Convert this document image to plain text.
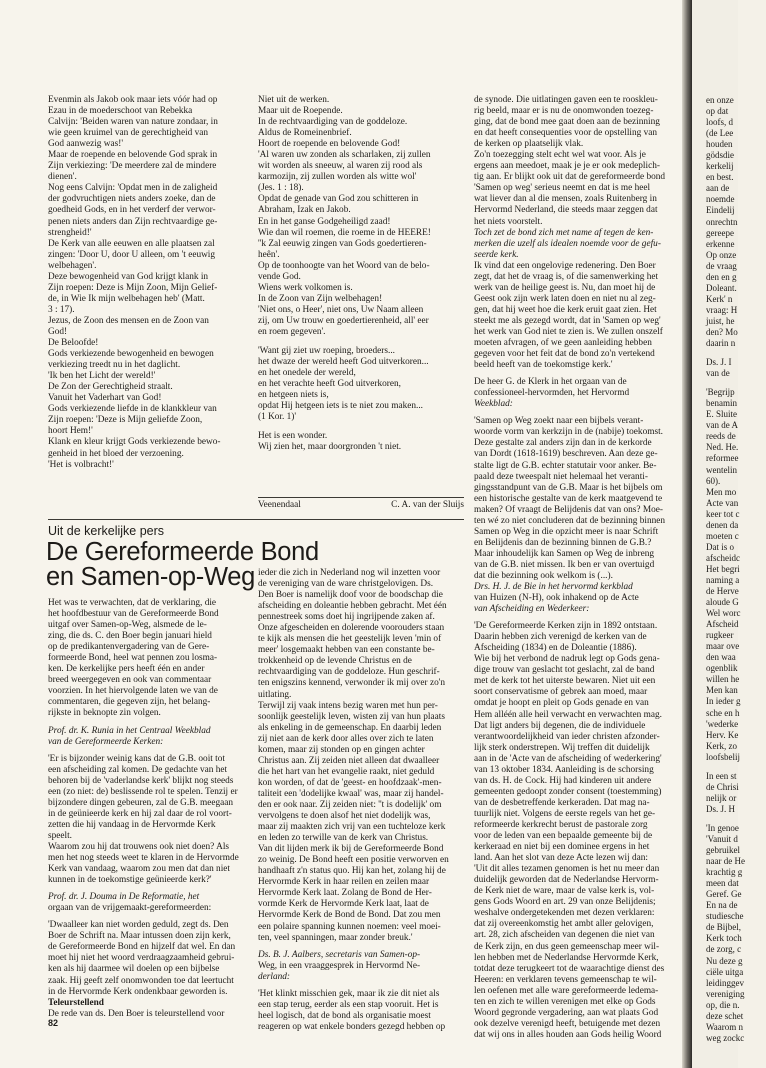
Evenmin als Jakob ook maar iets vóór had op
Ezau in de moederschoot van Rebekka
Calvijn: 'Beiden waren van nature zondaar, in
wie geen kruimel van de gerechtigheid van
God aanwezig was!'
Maar de roepende en belovende God sprak in
Zijn verkiezing: 'De meerdere zal de mindere
dienen'.
Nog eens Calvijn: 'Opdat men in de zaligheid
der godvruchtigen niets anders zoeke, dan de
goedheid Gods, en in het verderf der verwor-
penen niets anders dan Zijn rechtvaardige ge-
strengheid!'
De Kerk van alle eeuwen en alle plaatsen zal
zingen: 'Door U, door U alleen, om 't eeuwig
welbehagen'.
Deze bewogenheid van God krijgt klank in
Zijn roepen: Deze is Mijn Zoon, Mijn Gelief-
de, in Wie Ik mijn welbehagen heb' (Matt.
3 : 17).
Jezus, de Zoon des mensen en de Zoon van
God!
De Beloofde!
Gods verkiezende bewogenheid en bewogen
verkiezing treedt nu in het daglicht.
'Ik ben het Licht der wereld!'
De Zon der Gerechtigheid straalt.
Vanuit het Vaderhart van God!
Gods verkiezende liefde in de klankkleur van
Zijn roepen: 'Deze is Mijn geliefde Zoon,
hoort Hem!'
Klank en kleur krijgt Gods verkiezende bewo-
genheid in het bloed der verzoening.
'Het is volbracht!'
Niet uit de werken.
Maar uit de Roepende.
In de rechtvaardiging van de goddeloze.
Aldus de Romeinenbrief.
Hoort de roepende en belovende God!
'Al waren uw zonden als scharlaken, zij zullen
wit worden als sneeuw, al waren zij rood als
karmozijn, zij zullen worden als witte wol'
(Jes. 1 : 18).
Opdat de genade van God zou schitteren in
Abraham, Izak en Jakob.
En in het ganse Godgeheiligd zaad!
Wie dan wil roemen, die roeme in de HEERE!
''k Zal eeuwig zingen van Gods goedertieren-
heên'.
Op de toonhoogte van het Woord van de belo-
vende God.
Wiens werk volkomen is.
In de Zoon van Zijn welbehagen!
'Niet ons, o Heer', niet ons, Uw Naam alleen
zij, om Uw trouw en goedertierenheid, all' eer
en roem gegeven'.
'Want gij ziet uw roeping, broeders...
het dwaze der wereld heeft God uitverkoren...
en het onedele der wereld,
en het verachte heeft God uitverkoren,
en hetgeen niets is,
opdat Hij hetgeen iets is te niet zou maken...
(1 Kor. 1)'
Het is een wonder.
Wij zien het, maar doorgronden 't niet.
Veenendaal	C. A. van der Sluijs
de synode. Die uitlatingen gaven een te rooskleu-
rig beeld, maar er is nu de onomwonden toezeg-
ging, dat de bond mee gaat doen aan de bezinning
en dat heeft consequenties voor de opstelling van
de kerken op plaatselijk vlak.
Zo'n toezegging stelt echt wel wat voor. Als je
ergens aan meedoet, maak je je er ook medeplich-
tig aan. Er blijkt ook uit dat de gereformeerde bond
'Samen op weg' serieus neemt en dat is me heel
wat liever dan al die mensen, zoals Ruitenberg in
Hervormd Nederland, die steeds maar zeggen dat
het niets voorstelt.
Toch zet de bond zich met name af tegen de ken-
merken die uzelf als idealen noemde voor de gefu-
seerde kerk.
Ik vind dat een ongelovige redenering. Den Boer
zegt, dat het de vraag is, of die samenwerking het
werk van de heilige geest is. Nu, dan moet hij de
Geest ook zijn werk laten doen en niet nu al zeg-
gen, dat hij weet hoe die kerk eruit gaat zien. Het
steekt me als gezegd wordt, dat in 'Samen op weg'
het werk van God niet te zien is. We zullen onszelf
moeten afvragen, of we geen aanleiding hebben
gegeven voor het feit dat de bond zo'n vertekend
beeld heeft van de toekomstige kerk.'
De heer G. de Klerk in het orgaan van de
confessioneel-hervormden, het Hervormd
Weekblad:
'Samen op Weg zoekt naar een bijbels verant-
woorde vorm van kerkzijn in de (nabije) toekomst.
Deze gestalte zal anders zijn dan in de kerkorde
van Dordt (1618-1619) beschreven. Aan deze ge-
stalte ligt de G.B. echter statutair voor anker. Be-
paald deze tweespalt niet helemaal het veranti-
gingsstandpunt van de G.B. Maar is het bijbels om
een historische gestalte van de kerk maatgevend te
maken? Of vraagt de Belijdenis dat van ons? Moe-
ten wé zo niet concluderen dat de bezinning binnen
Samen op Weg in die opzicht meer is naar Schrift
en Belijdenis dan de bezinning binnen de G.B.?
Maar inhoudelijk kan Samen op Weg de inbreng
van de G.B. niet missen. Ik ben er van overtuigd
dat die bezinning ook welkom is (...).
Drs. H. J. de Bie in het hervormd kerkblad
van Huizen (N-H), ook inhakend op de Acte
van Afscheiding en Wederkeer:
'De Gereformeerde Kerken zijn in 1892 ontstaan.
Daarin hebben zich verenigd de kerken van de
Afscheiding (1834) en de Doleantie (1886).
Wie bij het verbond de nadruk legt op Gods gena-
dige trouw van geslacht tot geslacht, zal de band
met de kerk tot het uiterste bewaren. Niet uit een
soort conservatisme of gebrek aan moed, maar
omdat je hoopt en pleit op Gods genade en van
Hem alléén alle heil verwacht en verwachten mag.
Dat ligt anders bij degenen, die de individuele
verantwoordelijkheid van ieder christen afzonder-
lijk sterk onderstrepen. Wij treffen dit duidelijk
aan in de 'Acte van de afscheiding of wederkering'
van 13 oktober 1834. Aanleiding is de schorsing
van ds. H. de Cock. Hij had kinderen uit andere
gemeenten gedoopt zonder consent (toestemming)
van de desbetreffende kerkeraden. Dat mag na-
tuurlijk niet. Volgens de eerste regels van het ge-
reformeerde kerkrecht berust de pastorale zorg
voor de leden van een bepaalde gemeente bij de
kerkeraad en niet bij een dominee ergens in het
land. Aan het slot van deze Acte lezen wij dan:
'Uit dit alles tezamen genomen is het nu meer dan
duidelijk geworden dat de Nederlandse Hervorm-
de Kerk niet de ware, maar de valse kerk is, vol-
gens Gods Woord en art. 29 van onze Belijdenis;
weshalve ondergetekenden met dezen verklaren:
dat zij overeenkomstig het ambt aller gelovigen,
art. 28, zich afscheiden van degenen die niet van
de Kerk zijn, en dus geen gemeenschap meer wil-
len hebben met de Nederlandse Hervormde Kerk,
totdat deze terugkeert tot de waarachtige dienst des
Heeren: en verklaren tevens gemeenschap te wil-
len oefenen met alle ware gereformeerde ledema-
ten en zich te willen verenigen met elke op Gods
Woord gegronde vergadering, aan wat plaats God
ook dezelve verenigd heeft, betuigende met dezen
dat wij ons in alles houden aan Gods heilig Woord
Uit de kerkelijke pers
De Gereformeerde Bond
en Samen-op-Weg
Het was te verwachten, dat de verklaring, die
het hoofdbestuur van de Gereformeerde Bond
uitgaf over Samen-op-Weg, alsmede de le-
zing, die ds. C. den Boer begin januari hield
op de predikantenvergadering van de Gere-
formeerde Bond, heel wat pennen zou losma-
ken. De kerkelijke pers heeft één en ander
breed weergegeven en ook van commentaar
voorzien. In het hiervolgende laten we van de
commentaren, die gegeven zijn, het belang-
rijkste in beknopte zin volgen.
Prof. dr. K. Runia in het Centraal Weekblad
van de Gereformeerde Kerken:
'Er is bijzonder weinig kans dat de G.B. ooit tot
een afscheiding zal komen. De gedachte van het
behoren bij de 'vaderlandse kerk' blijkt nog steeds
een (zo niet: de) beslissende rol te spelen. Tenzij er
bijzondere dingen gebeuren, zal de G.B. meegaan
in de geünieerde kerk en hij zal daar de rol voort-
zetten die hij vandaag in de Hervormde Kerk
speelt.
Waarom zou hij dat trouwens ook niet doen? Als
men het nog steeds weet te klaren in de Hervormde
Kerk van vandaag, waarom zou men dat dan niet
kunnen in de toekomstige geünieerde kerk?'
Prof. dr. J. Douma in De Reformatie, het
orgaan van de vrijgemaakt-gereformeerden:
'Dwaalleer kan niet worden geduld, zegt ds. Den
Boer de Schrift na. Maar intussen doen zijn kerk,
de Gereformeerde Bond en hijzelf dat wel. En dan
moet hij niet het woord verdraagzaamheid gebrui-
ken als hij daarmee wil doelen op een bijbelse
zaak. Hij geeft zelf onomwonden toe dat leertucht
in de Hervormde Kerk ondenkbaar geworden is.
Teleurstellend
De rede van ds. Den Boer is teleurstellend voor
ieder die zich in Nederland nog wil inzetten voor
de vereniging van de ware christgelovigen. Ds.
Den Boer is namelijk doof voor de boodschap die
afscheiding en doleantie hebben gebracht. Met één
pennestreek soms doet hij ingrijpende zaken af.
Onze afgescheiden en dolerende voorouders staan
te kijk als mensen die het geestelijk leven 'min of
meer' losgemaakt hebben van een constante be-
trokkenheid op de levende Christus en de
rechtvaardiging van de goddeloze. Hun geschrif-
ten enigszins kennend, verwonder ik mij over zo'n
uitlating.
Terwijl zij vaak intens bezig waren met hun per-
soonlijk geestelijk leven, wisten zij van hun plaats
als enkeling in de gemeenschap. En daarbij leden
zij niet aan de kerk door alles over zich te laten
komen, maar zij stonden op en gingen achter
Christus aan. Zij zeiden niet alleen dat dwaalleer
die het hart van het evangelie raakt, niet geduld
kon worden, of dat de 'geest- en hoofdzaak'-men-
taliteit een 'dodelijke kwaal' was, maar zij handel-
den er ook naar. Zij zeiden niet: ''t is dodelijk' om
vervolgens te doen alsof het niet dodelijk was,
maar zij maakten zich vrij van een tuchteloze kerk
en leden zo terwille van de kerk van Christus.
Van dit lijden merk ik bij de Gereformeerde Bond
zo weinig. De Bond heeft een positie verworven en
handhaaft z'n status quo. Hij kan het, zolang hij de
Hervormde Kerk in haar reilen en zeilen maar
Hervormde Kerk laat. Zolang de Bond de Her-
vormde Kerk de Hervormde Kerk laat, laat de
Hervormde Kerk de Bond de Bond. Dat zou men
een polaire spanning kunnen noemen: veel moei-
ten, veel spanningen, maar zonder breuk.'
Ds. B. J. Aalbers, secretaris van Samen-op-
Weg, in een vraaggesprek in Hervormd Ne-
derland:
'Het klinkt misschien gek, maar ik zie dit niet als
een stap terug, eerder als een stap vooruit. Het is
heel logisch, dat de bond als organisatie moest
reageren op wat enkele bonders gezegd hebben op
82
en onze
op dat
loofs, d
(de Lee
houden
gödsdie
kerkelij
en best.
aan de
noemde
Eindelij
onrechtn
gereepe
erkenne
Op onze
de vraag
den en g
Doleant.
Kerk' n
vraag: H
juist, he
den? Mo
daarin n
Ds. J. I
van de
'Begrijp
benamin
E. Sluite
van de A
reeds de
Ned. He.
reformee
wentelin
60).
Men mo
Acte van
keer tot c
denen da
moeten c
Dat is o
afscheidc
Het begri
naming a
de Herve
aloude G
Wel worc
Afscheid
rugkeer
maar ove
den waa
ogenblik
willen he
Men kan
In ieder g
sche en h
'wederke
Herv. Ke
Kerk, zo
loofsbelij
In een st
de Chrisi
nelijk or
Ds. J. H
'In genoe
'Vanuit d
gebruikel
naar de He
krachtig g
meen dat
Geref. Ge
En na de
studiesche
de Bijbel,
Kerk toch
de zorg, c
Nu deze g
ciële uitga
leidinggev
vereniging
op, die n.
deze schet
Waarom n
weg zockc
